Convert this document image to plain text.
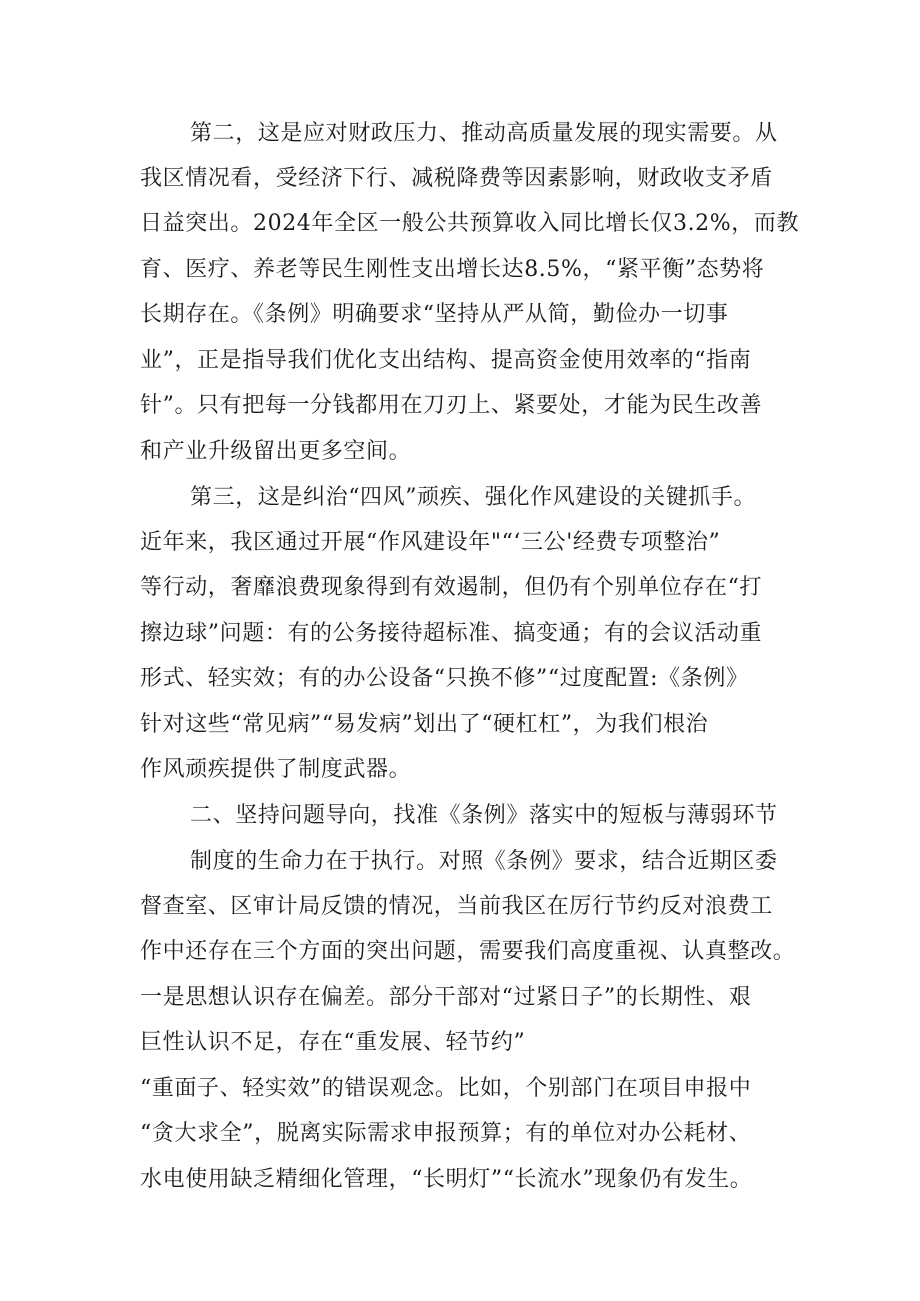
第二，这是应对财政压力、推动高质量发展的现实需要。从
我区情况看，受经济下行、减税降费等因素影响，财政收支矛盾
日益突出。2024年全区一般公共预算收入同比增长仅3.2%，而教
育、医疗、养老等民生刚性支出增长达8.5%，“紧平衡”态势将
长期存在。《条例》明确要求“坚持从严从简，勤俭办一切事
业”，正是指导我们优化支出结构、提高资金使用效率的“指南
针”。只有把每一分钱都用在刀刃上、紧要处，才能为民生改善
和产业升级留出更多空间。
第三，这是纠治“四风”顽疾、强化作风建设的关键抓手。
近年来，我区通过开展“作风建设年"“‘三公'经费专项整治”
等行动，奢靡浪费现象得到有效遏制，但仍有个别单位存在“打
擦边球”问题：有的公务接待超标准、搞变通；有的会议活动重
形式、轻实效；有的办公设备“只换不修”“过度配置:《条例》
针对这些“常见病”“易发病”划出了“硬杠杠”，为我们根治
作风顽疾提供了制度武器。
二、坚持问题导向，找准《条例》落实中的短板与薄弱环节
制度的生命力在于执行。对照《条例》要求，结合近期区委
督查室、区审计局反馈的情况，当前我区在厉行节约反对浪费工
作中还存在三个方面的突出问题，需要我们高度重视、认真整改。
一是思想认识存在偏差。部分干部对“过紧日子”的长期性、艰
巨性认识不足，存在“重发展、轻节约”
“重面子、轻实效”的错误观念。比如，个别部门在项目申报中
“贪大求全”，脱离实际需求申报预算；有的单位对办公耗材、
水电使用缺乏精细化管理，“长明灯”“长流水”现象仍有发生。
